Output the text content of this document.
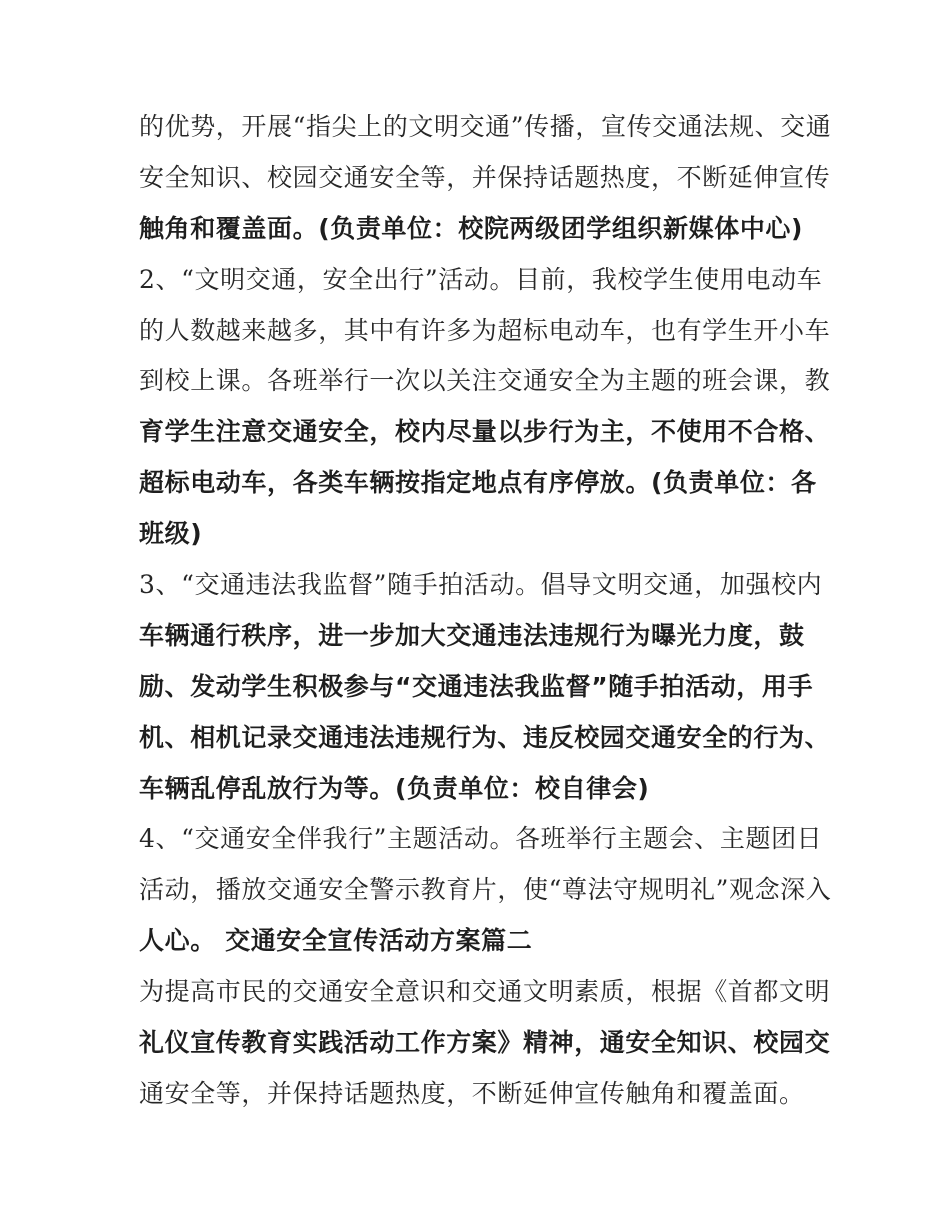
的优势，开展“指尖上的文明交通”传播，宣传交通法规、交通
安全知识、校园交通安全等，并保持话题热度，不断延伸宣传
触角和覆盖面。(负责单位：校院两级团学组织新媒体中心)
2、“文明交通，安全出行”活动。目前，我校学生使用电动车
的人数越来越多，其中有许多为超标电动车，也有学生开小车
到校上课。各班举行一次以关注交通安全为主题的班会课，教
育学生注意交通安全，校内尽量以步行为主，不使用不合格、
超标电动车，各类车辆按指定地点有序停放。(负责单位：各
班级)
3、“交通违法我监督”随手拍活动。倡导文明交通，加强校内
车辆通行秩序，进一步加大交通违法违规行为曝光力度，鼓
励、发动学生积极参与“交通违法我监督”随手拍活动，用手
机、相机记录交通违法违规行为、违反校园交通安全的行为、
车辆乱停乱放行为等。(负责单位：校自律会)
4、“交通安全伴我行”主题活动。各班举行主题会、主题团日
活动，播放交通安全警示教育片，使“尊法守规明礼”观念深入
人心。 交通安全宣传活动方案篇二
为提高市民的交通安全意识和交通文明素质，根据《首都文明
礼仪宣传教育实践活动工作方案》精神，通安全知识、校园交
通安全等，并保持话题热度，不断延伸宣传触角和覆盖面。
